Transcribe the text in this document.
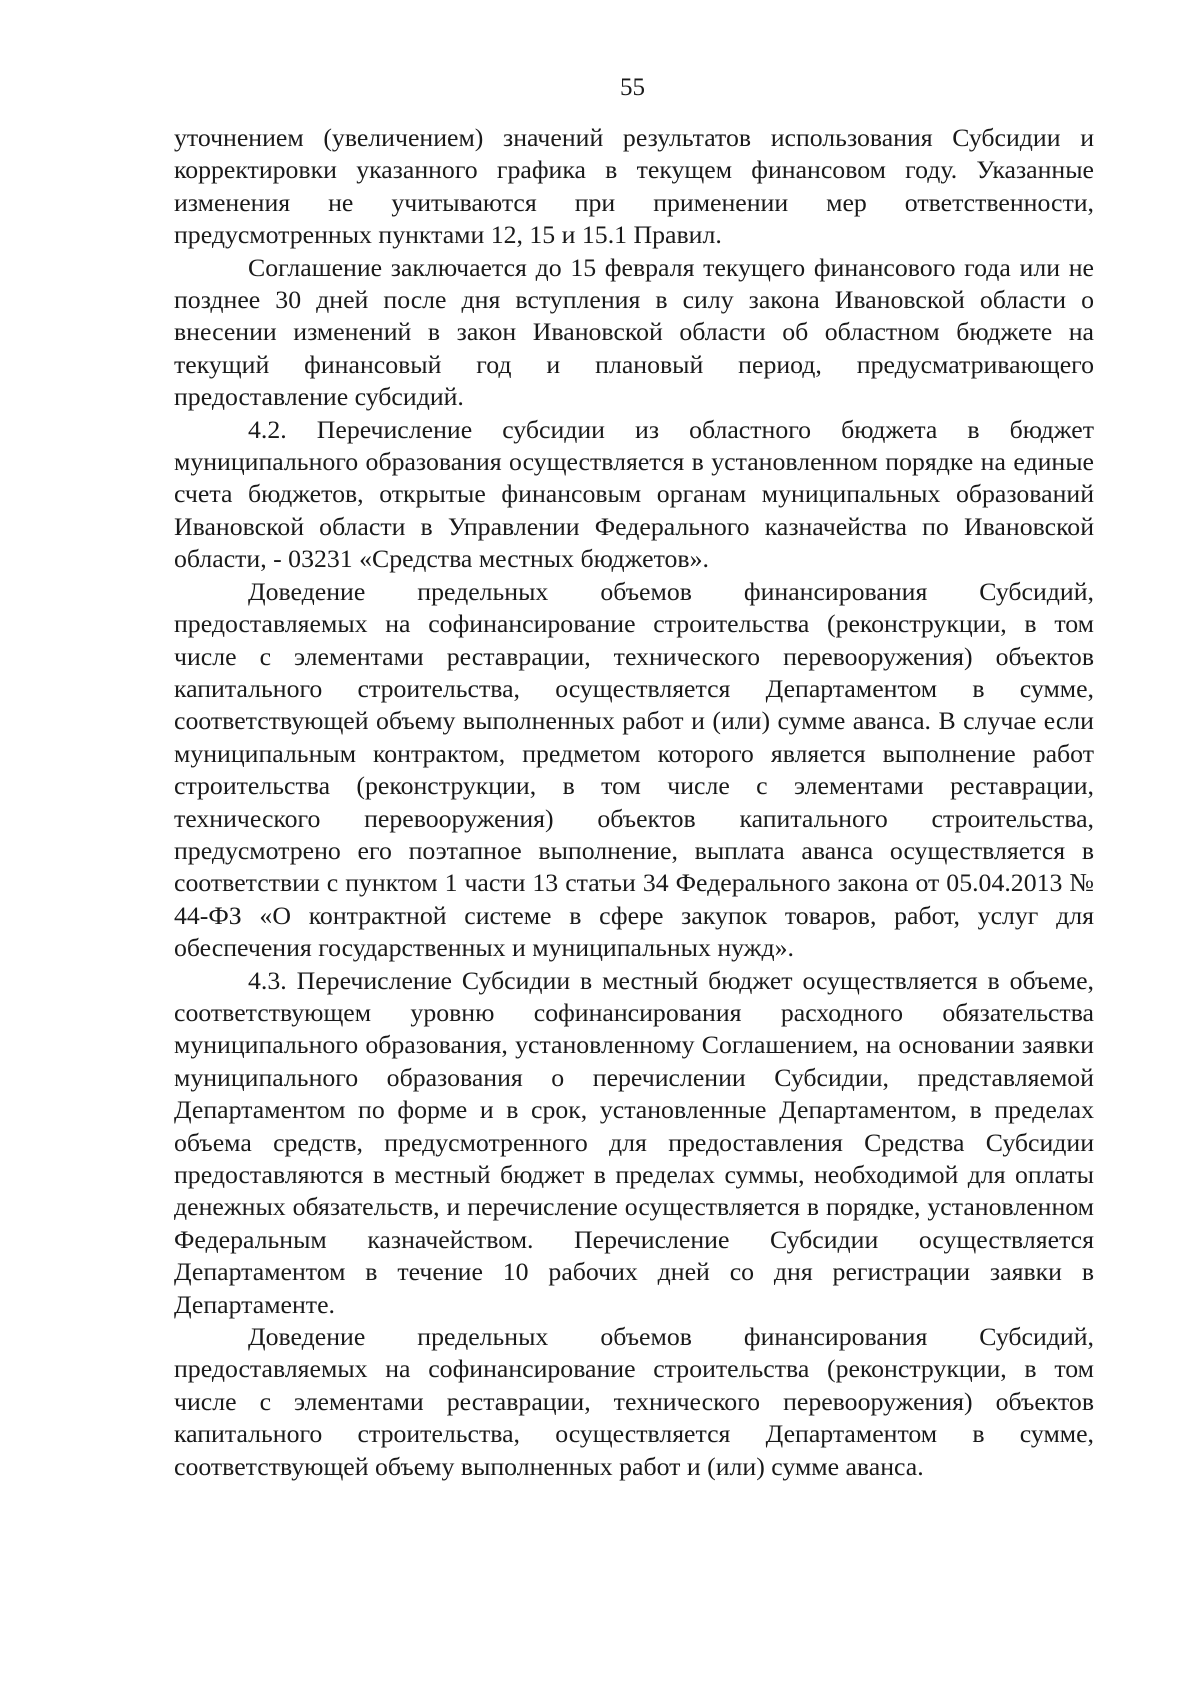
55

уточнением (увеличением) значений результатов использования Субсидии и корректировки указанного графика в текущем финансовом году. Указанные изменения не учитываются при применении мер ответственности, предусмотренных пунктами 12, 15 и 15.1 Правил.

Соглашение заключается до 15 февраля текущего финансового года или не позднее 30 дней после дня вступления в силу закона Ивановской области о внесении изменений в закон Ивановской области об областном бюджете на текущий финансовый год и плановый период, предусматривающего предоставление субсидий.

4.2. Перечисление субсидии из областного бюджета в бюджет муниципального образования осуществляется в установленном порядке на единые счета бюджетов, открытые финансовым органам муниципальных образований Ивановской области в Управлении Федерального казначейства по Ивановской области, - 03231 «Средства местных бюджетов».

Доведение предельных объемов финансирования Субсидий, предоставляемых на софинансирование строительства (реконструкции, в том числе с элементами реставрации, технического перевооружения) объектов капитального строительства, осуществляется Департаментом в сумме, соответствующей объему выполненных работ и (или) сумме аванса. В случае если муниципальным контрактом, предметом которого является выполнение работ строительства (реконструкции, в том числе с элементами реставрации, технического перевооружения) объектов капитального строительства, предусмотрено его поэтапное выполнение, выплата аванса осуществляется в соответствии с пунктом 1 части 13 статьи 34 Федерального закона от 05.04.2013 № 44-ФЗ «О контрактной системе в сфере закупок товаров, работ, услуг для обеспечения государственных и муниципальных нужд».

4.3. Перечисление Субсидии в местный бюджет осуществляется в объеме, соответствующем уровню софинансирования расходного обязательства муниципального образования, установленному Соглашением, на основании заявки муниципального образования о перечислении Субсидии, представляемой Департаментом по форме и в срок, установленные Департаментом, в пределах объема средств, предусмотренного для предоставления Средства Субсидии предоставляются в местный бюджет в пределах суммы, необходимой для оплаты денежных обязательств, и перечисление осуществляется в порядке, установленном Федеральным казначейством. Перечисление Субсидии осуществляется Департаментом в течение 10 рабочих дней со дня регистрации заявки в Департаменте.

Доведение предельных объемов финансирования Субсидий, предоставляемых на софинансирование строительства (реконструкции, в том числе с элементами реставрации, технического перевооружения) объектов капитального строительства, осуществляется Департаментом в сумме, соответствующей объему выполненных работ и (или) сумме аванса.
